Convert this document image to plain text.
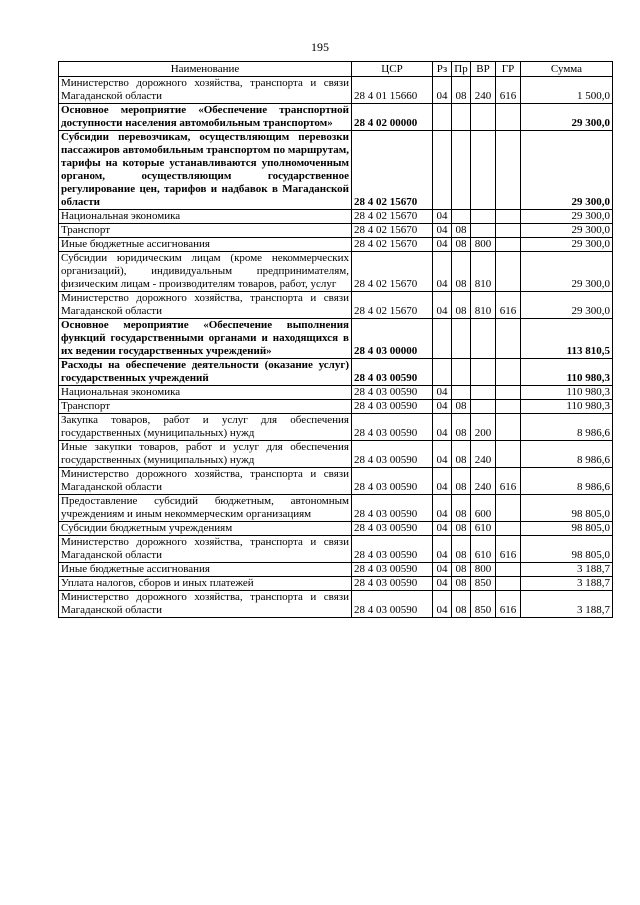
195
Наименование	ЦСР	Рз	Пр	ВР	ГР	Сумма
Министерство дорожного хозяйства, транспорта и связи Магаданской области	28 4 01 15660	04	08	240	616	1 500,0
Основное мероприятие «Обеспечение транспортной доступности населения автомобильным транспортом»	28 4 02 00000					29 300,0
Субсидии перевозчикам, осуществляющим перевозки пассажиров автомобильным транспортом по маршрутам, тарифы на которые устанавливаются уполномоченным органом, осуществляющим государственное регулирование цен, тарифов и надбавок в Магаданской области	28 4 02 15670					29 300,0
Национальная экономика	28 4 02 15670	04				29 300,0
Транспорт	28 4 02 15670	04	08			29 300,0
Иные бюджетные ассигнования	28 4 02 15670	04	08	800		29 300,0
Субсидии юридическим лицам (кроме некоммерческих организаций), индивидуальным предпринимателям, физическим лицам - производителям товаров, работ, услуг	28 4 02 15670	04	08	810		29 300,0
Министерство дорожного хозяйства, транспорта и связи Магаданской области	28 4 02 15670	04	08	810	616	29 300,0
Основное мероприятие «Обеспечение выполнения функций государственными органами и находящихся в их ведении государственных учреждений»	28 4 03 00000					113 810,5
Расходы на обеспечение деятельности (оказание услуг) государственных учреждений	28 4 03 00590					110 980,3
Национальная экономика	28 4 03 00590	04				110 980,3
Транспорт	28 4 03 00590	04	08			110 980,3
Закупка товаров, работ и услуг для обеспечения государственных (муниципальных) нужд	28 4 03 00590	04	08	200		8 986,6
Иные закупки товаров, работ и услуг для обеспечения государственных (муниципальных) нужд	28 4 03 00590	04	08	240		8 986,6
Министерство дорожного хозяйства, транспорта и связи Магаданской области	28 4 03 00590	04	08	240	616	8 986,6
Предоставление субсидий бюджетным, автономным учреждениям и иным некоммерческим организациям	28 4 03 00590	04	08	600		98 805,0
Субсидии бюджетным учреждениям	28 4 03 00590	04	08	610		98 805,0
Министерство дорожного хозяйства, транспорта и связи Магаданской области	28 4 03 00590	04	08	610	616	98 805,0
Иные бюджетные ассигнования	28 4 03 00590	04	08	800		3 188,7
Уплата налогов, сборов и иных платежей	28 4 03 00590	04	08	850		3 188,7
Министерство дорожного хозяйства, транспорта и связи Магаданской области	28 4 03 00590	04	08	850	616	3 188,7
